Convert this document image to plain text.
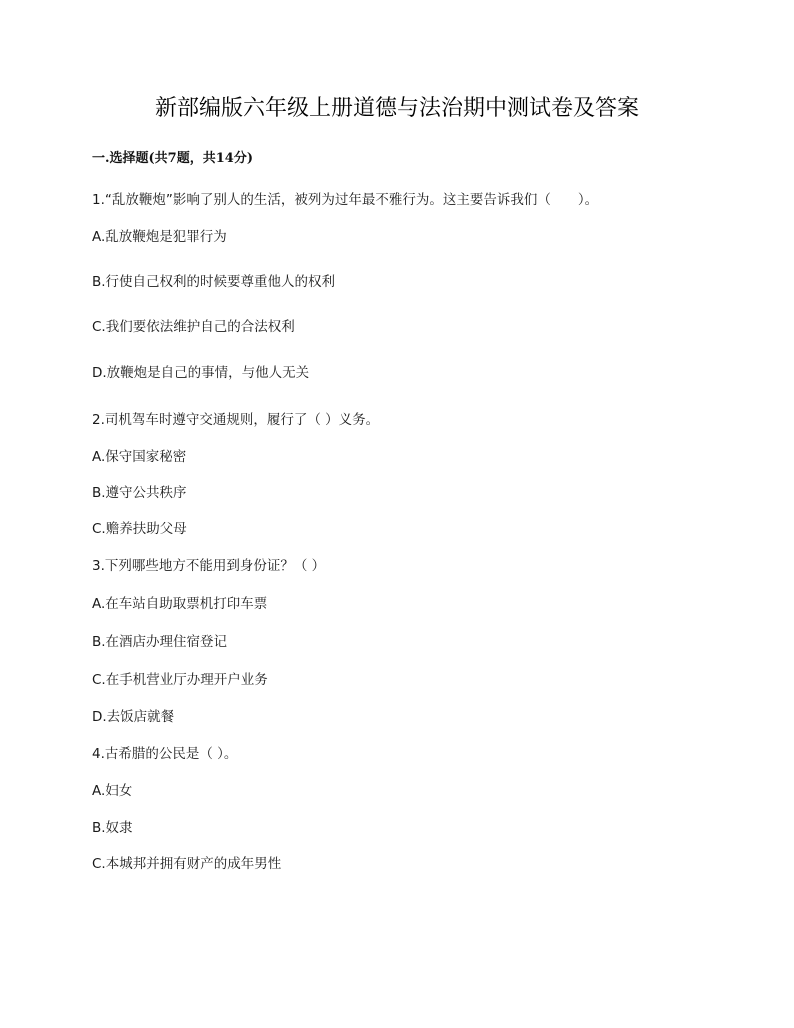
新部编版六年级上册道德与法治期中测试卷及答案
一.选择题(共7题，共14分)
1.“乱放鞭炮”影响了别人的生活，被列为过年最不雅行为。这主要告诉我们（　　）。
A.乱放鞭炮是犯罪行为
B.行使自己权利的时候要尊重他人的权利
C.我们要依法维护自己的合法权利
D.放鞭炮是自己的事情，与他人无关
2.司机驾车时遵守交通规则，履行了（ ）义务。
A.保守国家秘密
B.遵守公共秩序
C.赡养扶助父母
3.下列哪些地方不能用到身份证？（ ）
A.在车站自助取票机打印车票
B.在酒店办理住宿登记
C.在手机营业厅办理开户业务
D.去饭店就餐
4.古希腊的公民是（ ）。
A.妇女
B.奴隶
C.本城邦并拥有财产的成年男性
